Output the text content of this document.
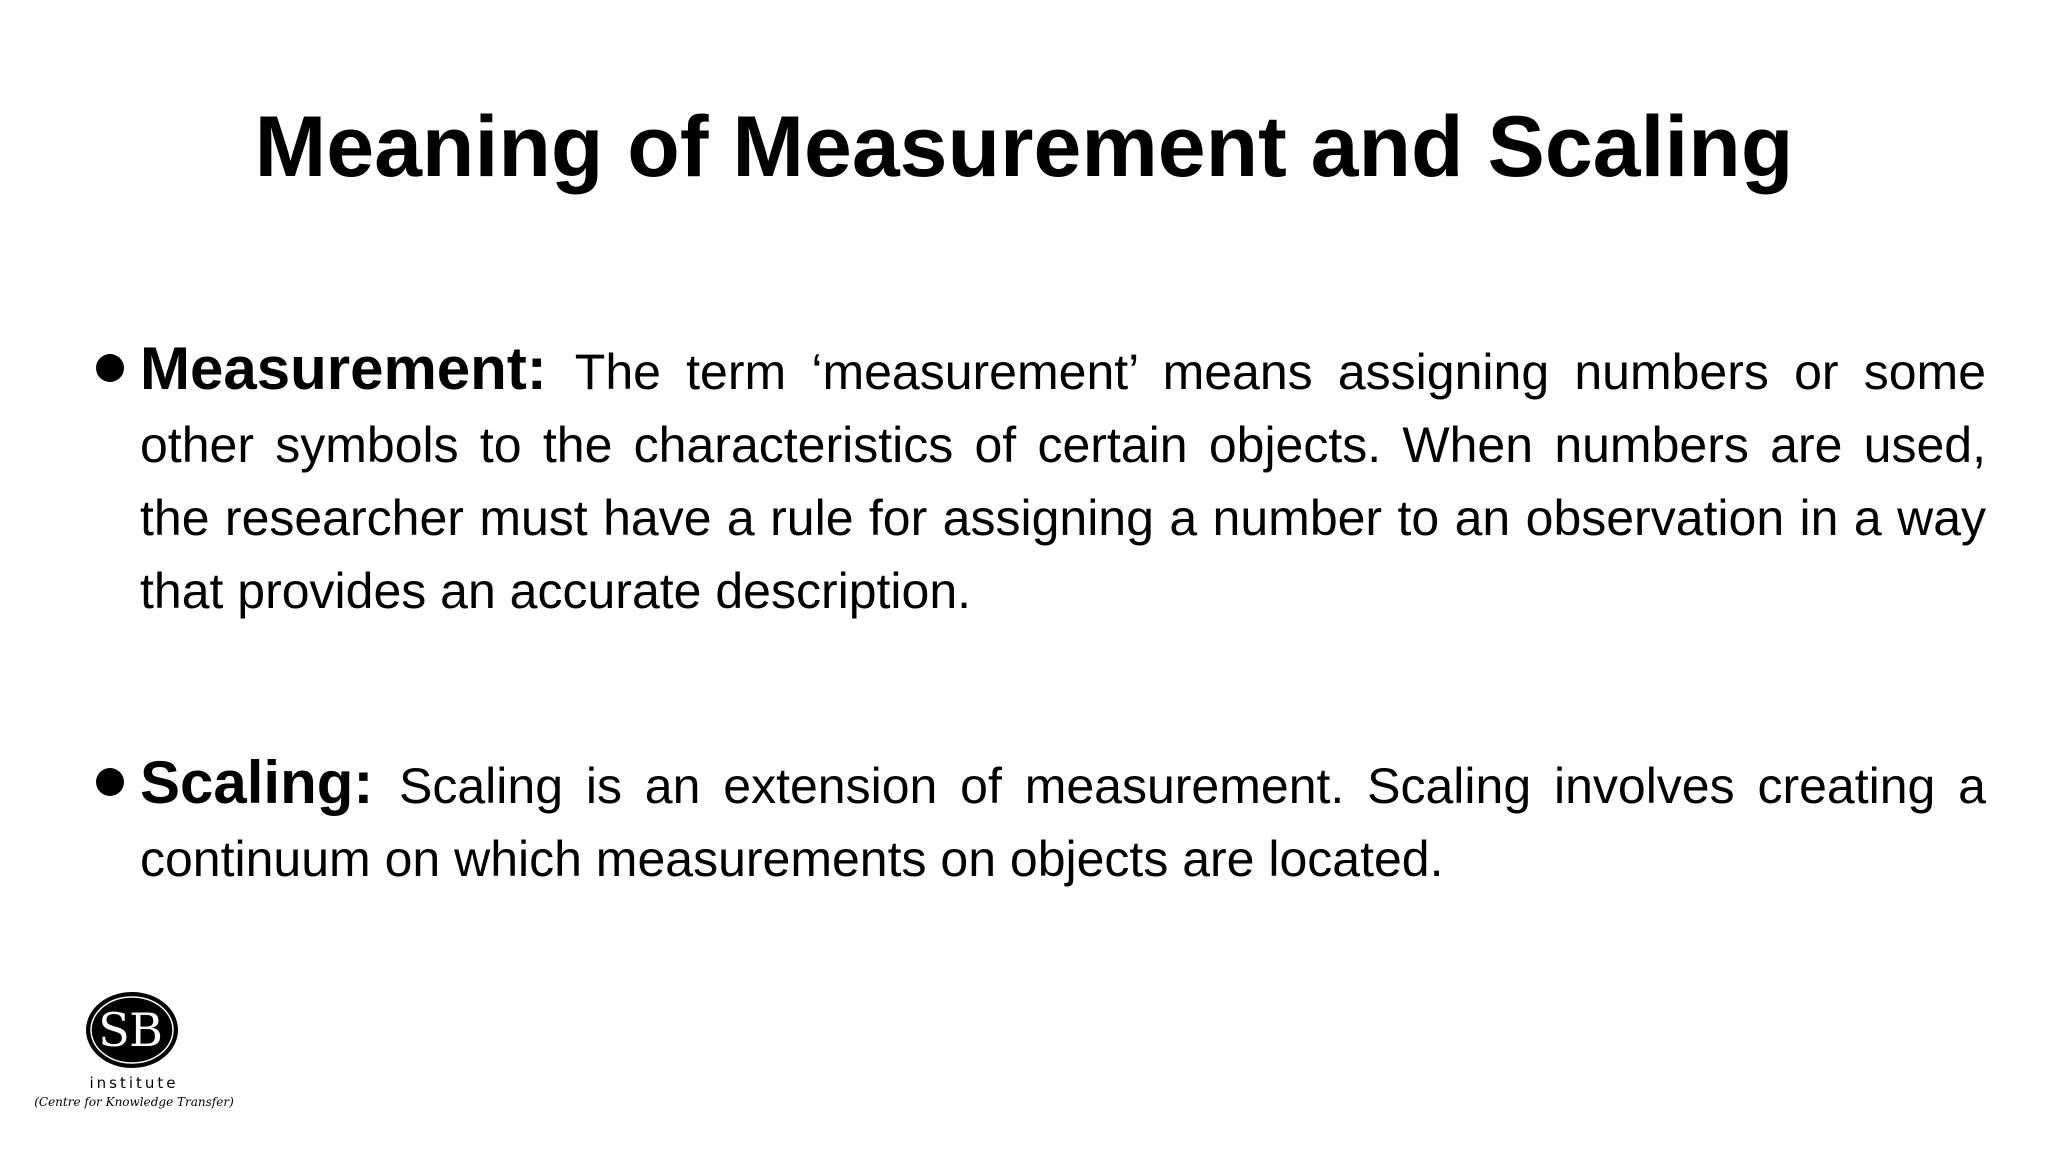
Meaning of Measurement and Scaling
Measurement: The term ‘measurement’ means assigning numbers or some other symbols to the characteristics of certain objects. When numbers are used, the researcher must have a rule for assigning a number to an observation in a way that provides an accurate description.
Scaling: Scaling is an extension of measurement. Scaling involves creating a continuum on which measurements on objects are located.
S B
institute
(Centre for Knowledge Transfer)
